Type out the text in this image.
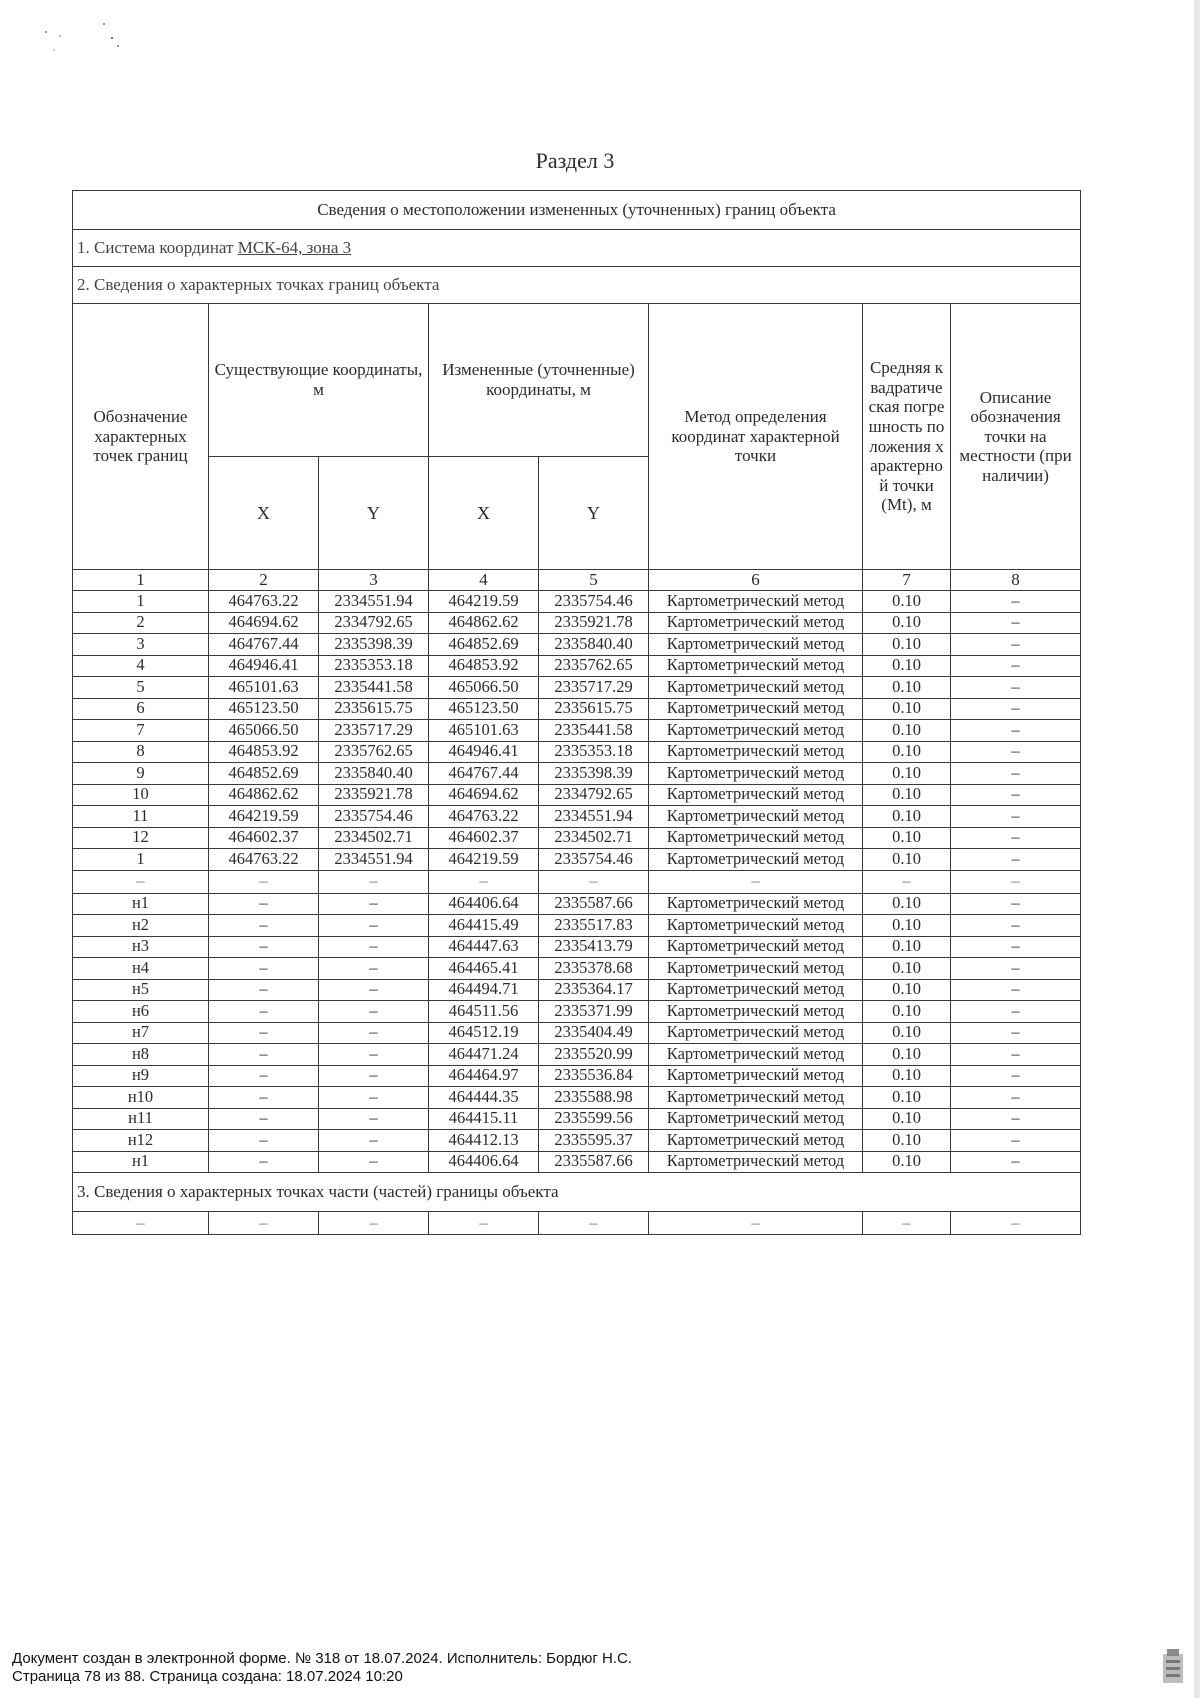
Раздел 3
Сведения о местоположении измененных (уточненных) границ объекта							
1. Система координат МСК-64, зона 3							
2. Сведения о характерных точках границ объекта							
Обозначение характерных точек границ	Существующие координаты, м		Измененные (уточненные) координаты, м		Метод определения координат характерной точки	Средняя квадратическая погрешность положения характерной точки (Mt), м	Описание обозначения точки на местности (при наличии)
	X	Y	X	Y			
1	2	3	4	5	6	7	8
1	464763.22	2334551.94	464219.59	2335754.46	Картометрический метод	0.10	–
2	464694.62	2334792.65	464862.62	2335921.78	Картометрический метод	0.10	–
3	464767.44	2335398.39	464852.69	2335840.40	Картометрический метод	0.10	–
4	464946.41	2335353.18	464853.92	2335762.65	Картометрический метод	0.10	–
5	465101.63	2335441.58	465066.50	2335717.29	Картометрический метод	0.10	–
6	465123.50	2335615.75	465123.50	2335615.75	Картометрический метод	0.10	–
7	465066.50	2335717.29	465101.63	2335441.58	Картометрический метод	0.10	–
8	464853.92	2335762.65	464946.41	2335353.18	Картометрический метод	0.10	–
9	464852.69	2335840.40	464767.44	2335398.39	Картометрический метод	0.10	–
10	464862.62	2335921.78	464694.62	2334792.65	Картометрический метод	0.10	–
11	464219.59	2335754.46	464763.22	2334551.94	Картометрический метод	0.10	–
12	464602.37	2334502.71	464602.37	2334502.71	Картометрический метод	0.10	–
1	464763.22	2334551.94	464219.59	2335754.46	Картометрический метод	0.10	–
–	–	–	–	–	–	–	–
н1	–	–	464406.64	2335587.66	Картометрический метод	0.10	–
н2	–	–	464415.49	2335517.83	Картометрический метод	0.10	–
н3	–	–	464447.63	2335413.79	Картометрический метод	0.10	–
н4	–	–	464465.41	2335378.68	Картометрический метод	0.10	–
н5	–	–	464494.71	2335364.17	Картометрический метод	0.10	–
н6	–	–	464511.56	2335371.99	Картометрический метод	0.10	–
н7	–	–	464512.19	2335404.49	Картометрический метод	0.10	–
н8	–	–	464471.24	2335520.99	Картометрический метод	0.10	–
н9	–	–	464464.97	2335536.84	Картометрический метод	0.10	–
н10	–	–	464444.35	2335588.98	Картометрический метод	0.10	–
н11	–	–	464415.11	2335599.56	Картометрический метод	0.10	–
н12	–	–	464412.13	2335595.37	Картометрический метод	0.10	–
н1	–	–	464406.64	2335587.66	Картометрический метод	0.10	–
3. Сведения о характерных точках части (частей) границы объекта							
–	–	–	–	–	–	–	–
Документ создан в электронной форме. № 318 от 18.07.2024. Исполнитель: Бордюг Н.С.
Страница 78 из 88. Страница создана: 18.07.2024 10:20
